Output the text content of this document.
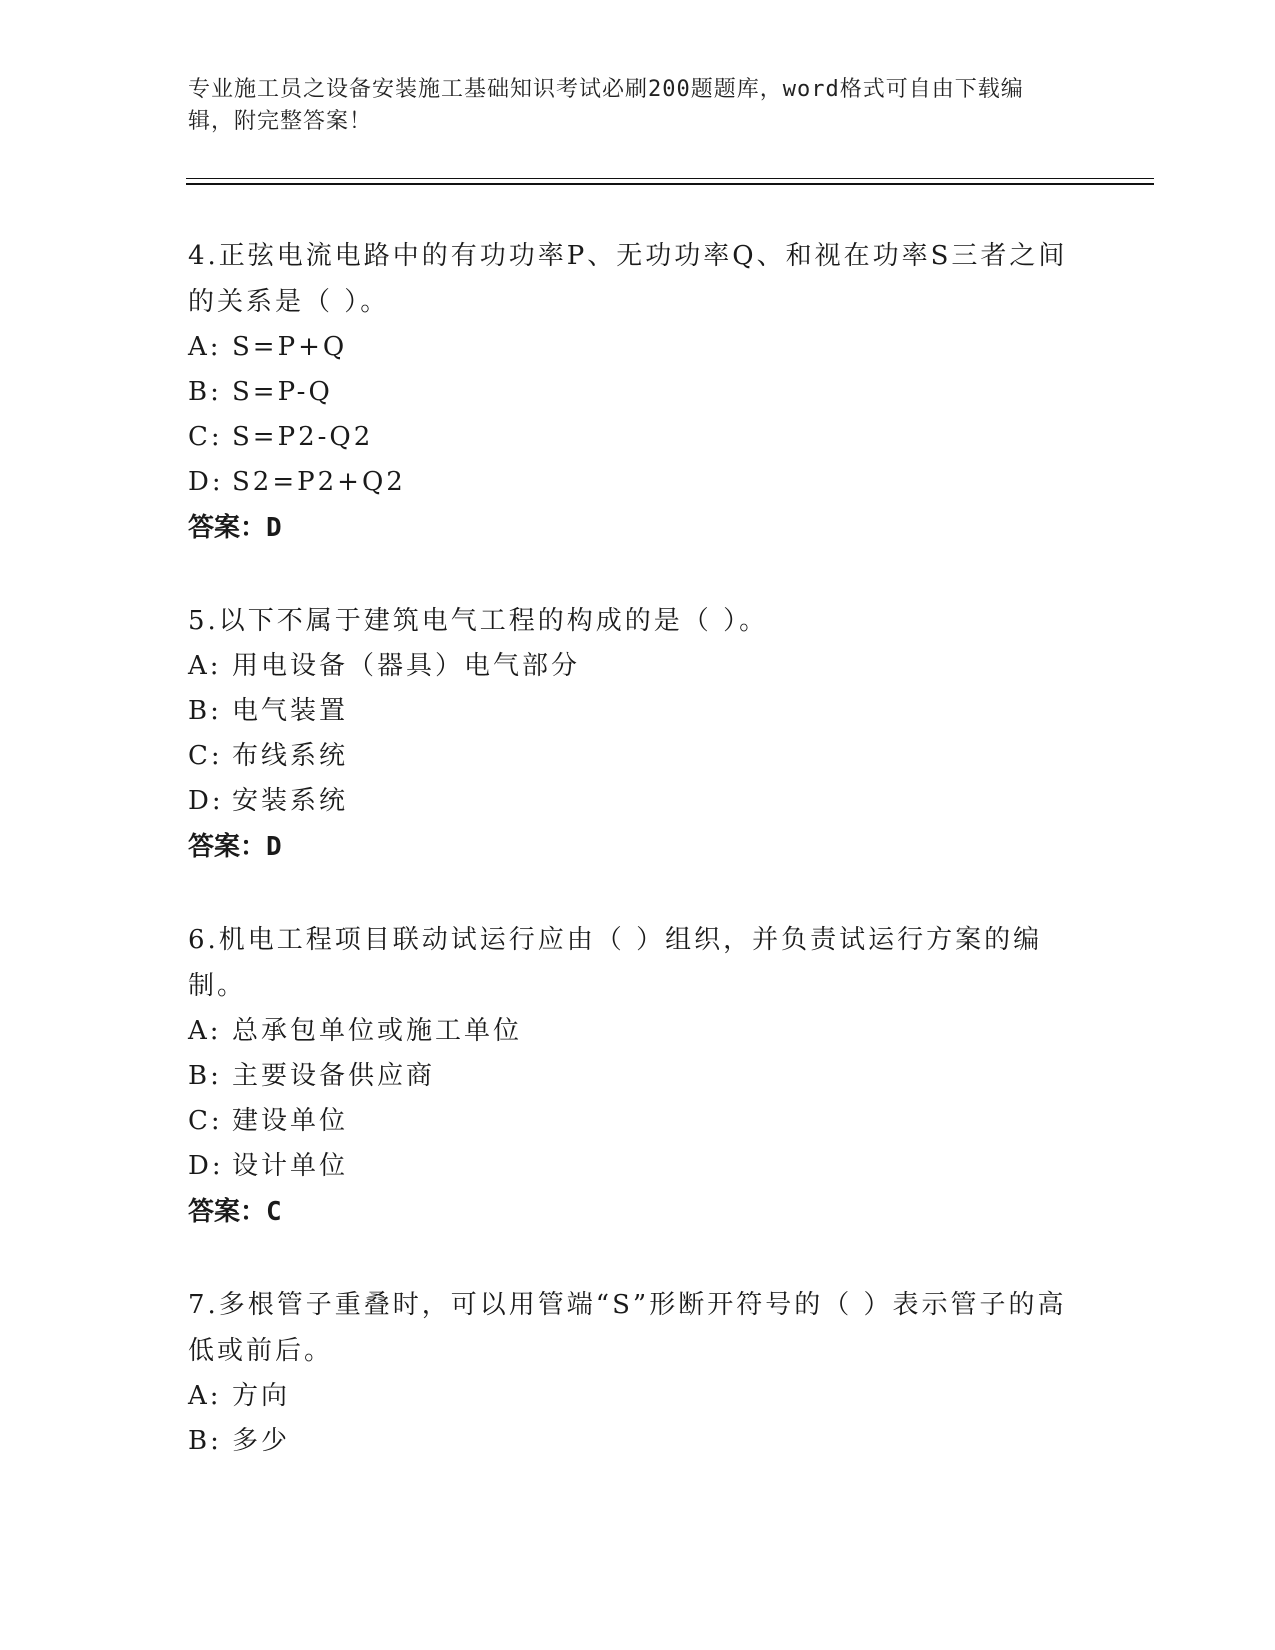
专业施工员之设备安装施工基础知识考试必刷200题题库，word格式可自由下载编辑，附完整答案！

4.正弦电流电路中的有功功率P、无功功率Q、和视在功率S三者之间的关系是（ ）。

A: S=P+Q

B: S=P-Q

C: S=P2-Q2

D: S2=P2+Q2

答案：D

5.以下不属于建筑电气工程的构成的是（ ）。

A: 用电设备（器具）电气部分

B: 电气装置

C: 布线系统

D: 安装系统

答案：D

6.机电工程项目联动试运行应由（ ）组织，并负责试运行方案的编制。

A: 总承包单位或施工单位

B: 主要设备供应商

C: 建设单位

D: 设计单位

答案：C

7.多根管子重叠时，可以用管端“S”形断开符号的（ ）表示管子的高低或前后。

A: 方向

B: 多少
